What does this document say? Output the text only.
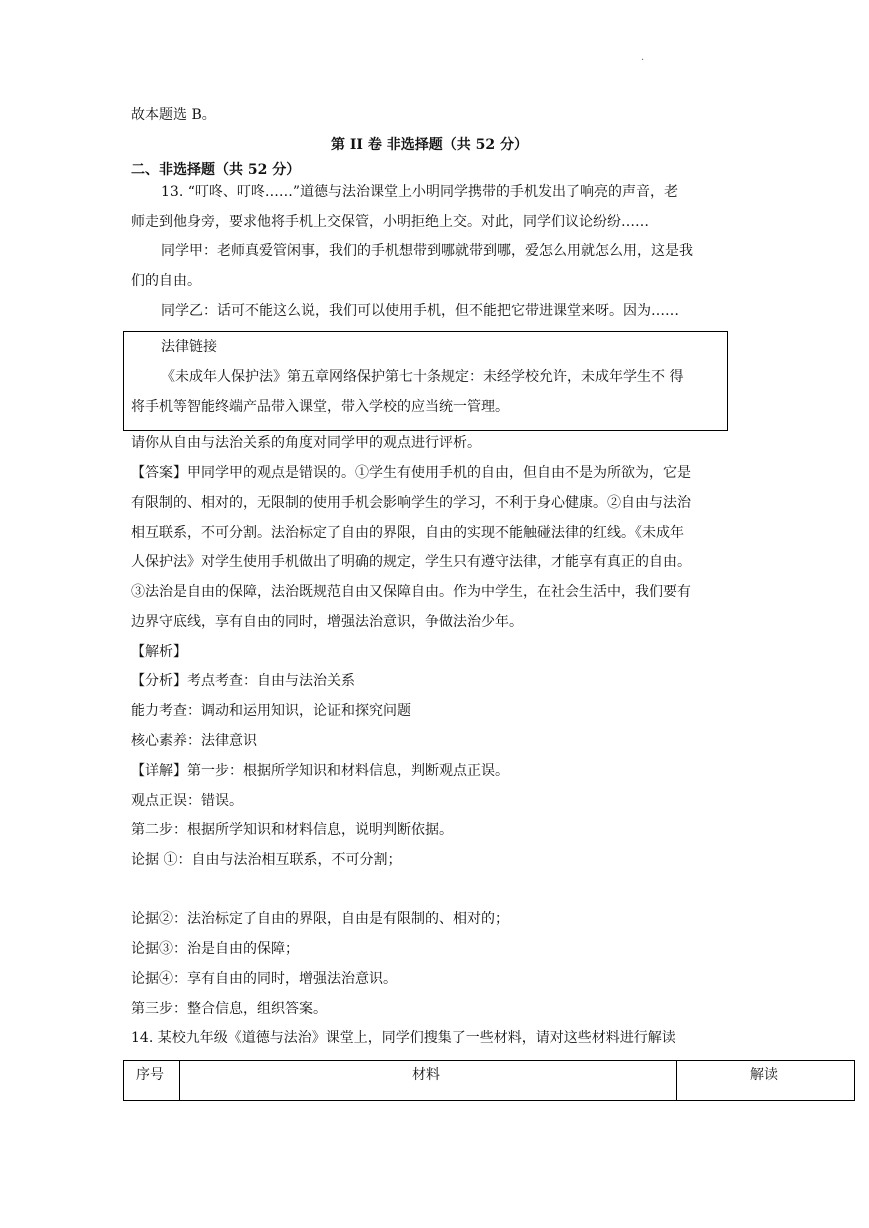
·
故本题选 B。
第 II 卷 非选择题（共 52 分）
二、非选择题（共 52 分）
13. “叮咚、叮咚……”道德与法治课堂上小明同学携带的手机发出了响亮的声音，老
师走到他身旁，要求他将手机上交保管，小明拒绝上交。对此，同学们议论纷纷……
同学甲：老师真爱管闲事，我们的手机想带到哪就带到哪，爱怎么用就怎么用，这是我
们的自由。
同学乙：话可不能这么说，我们可以使用手机，但不能把它带进课堂来呀。因为……
法律链接
《未成年人保护法》第五章网络保护第七十条规定：未经学校允许，未成年学生不 得
将手机等智能终端产品带入课堂，带入学校的应当统一管理。
请你从自由与法治关系的角度对同学甲的观点进行评析。
【答案】甲同学甲的观点是错误的。①学生有使用手机的自由，但自由不是为所欲为，它是
有限制的、相对的，无限制的使用手机会影响学生的学习，不利于身心健康。②自由与法治
相互联系，不可分割。法治标定了自由的界限，自由的实现不能触碰法律的红线。《未成年
人保护法》对学生使用手机做出了明确的规定，学生只有遵守法律，才能享有真正的自由。
③法治是自由的保障，法治既规范自由又保障自由。作为中学生，在社会生活中，我们要有
边界守底线，享有自由的同时，增强法治意识，争做法治少年。
【解析】
【分析】考点考查：自由与法治关系
能力考查：调动和运用知识，论证和探究问题
核心素养：法律意识
【详解】第一步：根据所学知识和材料信息，判断观点正误。
观点正误：错误。
第二步：根据所学知识和材料信息，说明判断依据。
论据 ①：自由与法治相互联系，不可分割；
论据②：法治标定了自由的界限，自由是有限制的、相对的；
论据③：治是自由的保障；
论据④：享有自由的同时，增强法治意识。
第三步：整合信息，组织答案。
14. 某校九年级《道德与法治》课堂上，同学们搜集了一些材料，请对这些材料进行解读
序号	材料	解读
